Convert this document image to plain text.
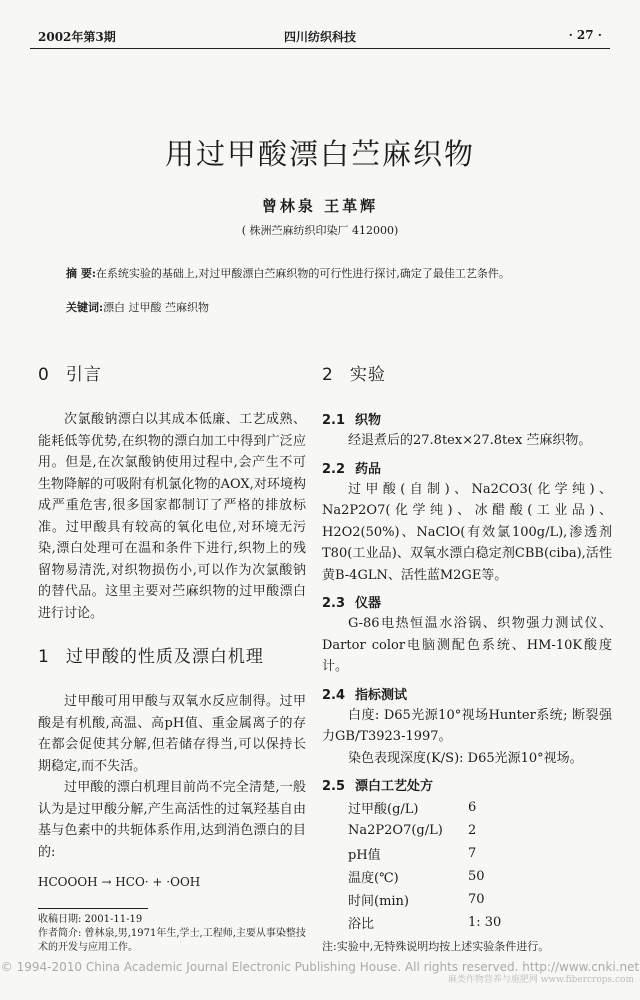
2002年第3期	四川纺织科技	· 27 ·
用过甲酸漂白苎麻织物
曾林泉 王革辉
( 株洲苎麻纺织印染厂 412000)
摘 要:在系统实验的基础上,对过甲酸漂白苎麻织物的可行性进行探讨,确定了最佳工艺条件。
关键词:漂白 过甲酸 苎麻织物
0 引言

次氯酸钠漂白以其成本低廉、工艺成熟、能耗低等优势,在织物的漂白加工中得到广泛应用。但是,在次氯酸钠使用过程中,会产生不可生物降解的可吸附有机氯化物的AOX,对环境构成严重危害,很多国家都制订了严格的排放标准。过甲酸具有较高的氧化电位,对环境无污染,漂白处理可在温和条件下进行,织物上的残留物易清洗,对织物损伤小,可以作为次氯酸钠的替代品。这里主要对苎麻织物的过甲酸漂白进行讨论。

1 过甲酸的性质及漂白机理

过甲酸可用甲酸与双氧水反应制得。过甲酸是有机酸,高温、高pH值、重金属离子的存在都会促使其分解,但若储存得当,可以保持长期稳定,而不失活。

过甲酸的漂白机理目前尚不完全清楚,一般认为是过甲酸分解,产生高活性的过氧羟基自由基与色素中的共轭体系作用,达到消色漂白的目的:

HCOOOH → HCO· + ·OOH
2 实验
2.1 织物

经退煮后的27.8tex×27.8tex 苎麻织物。

2.2 药品

过甲酸(自制)、Na2CO3(化学纯)、Na2P2O7(化学纯)、冰醋酸(工业品)、H2O2(50%)、NaClO(有效氯100g/L),渗透剂T80(工业品)、双氧水漂白稳定剂CBB(ciba),活性黄B-4GLN、活性蓝M2GE等。

2.3 仪器

G-86电热恒温水浴锅、织物强力测试仪、Dartor color电脑测配色系统、HM-10K酸度计。

2.4 指标测试

白度: D65光源10°视场Hunter系统; 断裂强力GB/T3923-1997。

染色表现深度(K/S): D65光源10°视场。

2.5 漂白工艺处方
过甲酸(g/L)	6
Na2P2O7(g/L)	2
pH值	7
温度(℃)	50
时间(min)	70
浴比	1: 30
注:实验中,无特殊说明均按上述实验条件进行。
收稿日期: 2001-11-19
作者简介: 曾林泉,男,1971年生,学士,工程师,主要从事染整技术的开发与应用工作。
© 1994-2010 China Academic Journal Electronic Publishing House. All rights reserved. http://www.cnki.net
麻类作物营养与施肥网 www.fibercrops.com
